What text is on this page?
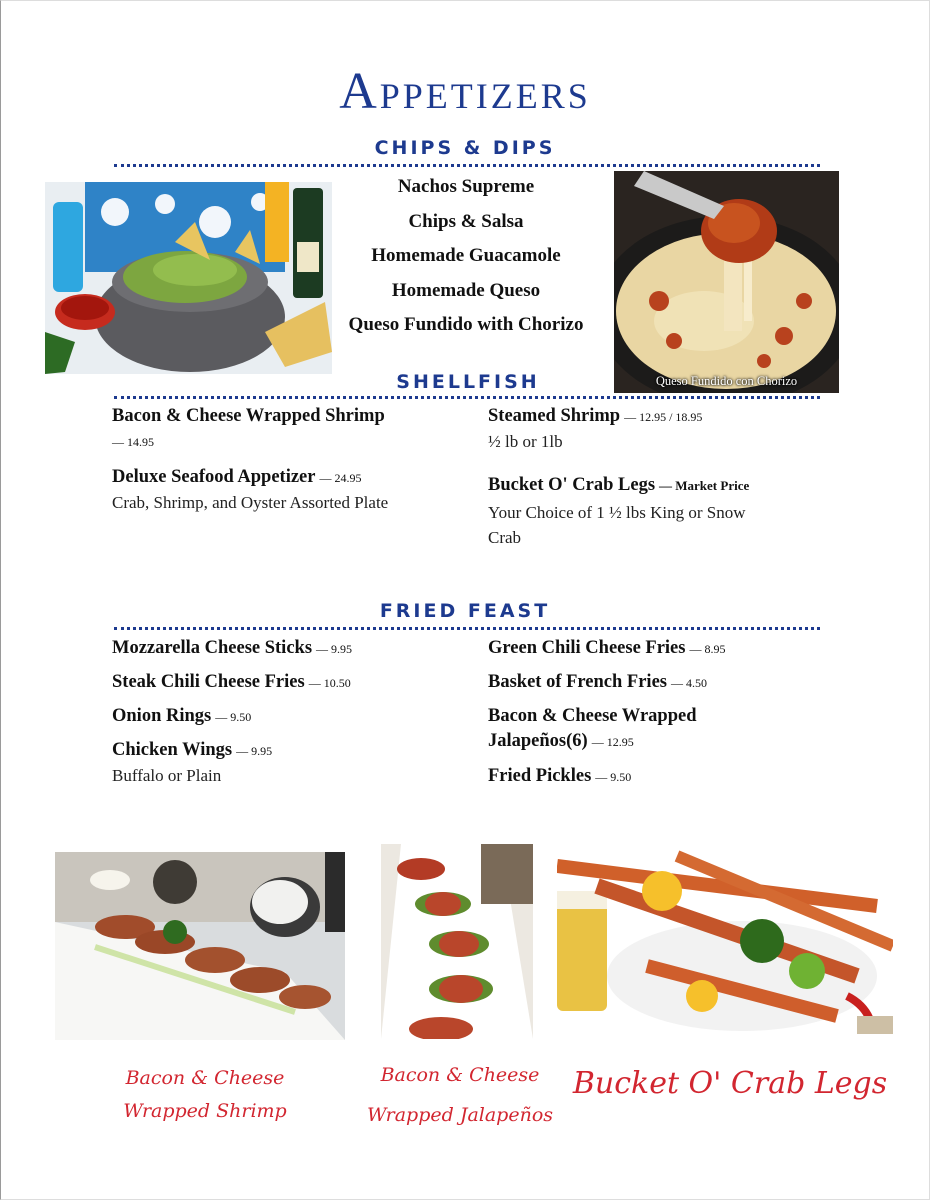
Appetizers
CHIPS & DIPS
Nachos Supreme
Chips & Salsa
Homemade Guacamole
Homemade Queso
Queso Fundido with Chorizo
Queso Fundido con Chorizo
SHELLFISH
Bacon & Cheese Wrapped Shrimp
— 14.95
Deluxe Seafood Appetizer — 24.95
Crab, Shrimp, and Oyster Assorted Plate
Steamed Shrimp — 12.95 / 18.95
½ lb or 1lb
Bucket O' Crab Legs — Market Price
Your Choice of 1 ½ lbs King or Snow Crab
FRIED FEAST
Mozzarella Cheese Sticks — 9.95
Steak Chili Cheese Fries — 10.50
Onion Rings — 9.50
Chicken Wings — 9.95
Buffalo or Plain
Green Chili Cheese Fries — 8.95
Basket of French Fries — 4.50
Bacon & Cheese Wrapped Jalapeños(6) — 12.95
Fried Pickles — 9.50
Bacon & Cheese
Wrapped Shrimp
Bacon & Cheese
Wrapped Jalapeños
Bucket O' Crab Legs
